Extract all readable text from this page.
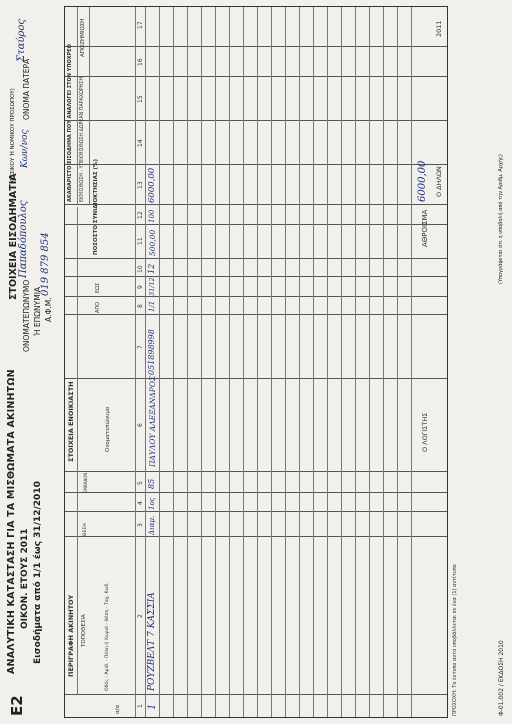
Ε2
ΑΝΑΛΥΤΙΚΗ ΚΑΤΑΣΤΑΣΗ ΓΙΑ ΤΑ ΜΙΣΘΩΜΑΤΑ ΑΚΙΝΗΤΩΝ ΟΙΚΟΝ. ΕΤΟΥΣ 2011 Εισοδήματα από 1/1 έως 31/12/2010
ΣΤΟΙΧΕΙΑ ΕΙΣΟΔΗΜΑΤΙΑ
(ΦΥΣΙΚΟΥ Ή ΝΟΜΙΚΟΥ ΠΡΟΣΩΠΟΥ)
ΟΝΟΜΑΤΕΠΩΝΥΜΟ
Παπαδόπουλος
Κων/νος
ΟΝΟΜΑ ΠΑΤΕΡΑ
Σταύρος
Ή ΕΠΩΝΥΜΙΑ Α.Φ.Μ.
019 879 854
ΠΕΡΙΓΡΑΦΗ ΑΚΙΝΗΤΟΥ ΤΟΠΟΘΕΣΙΑ
ΣΤΟΙΧΕΙΑ ΕΝΟΙΚΙΑΣΤΗ
ΠΟΣΟΣΤΟ ΣΥΝΙΔΙΟΚΤΗΣΙΑΣ (%)
ΑΚΑΘΑΡΙΣΤΟ ΕΙΣΟΔΗΜΑ ΠΟΥ ΑΝΑΛΟΓΕΙ ΣΤΟΝ ΥΠΟΧΡΕΟ ΕΚΜΙΣΘΩΣΗ - ΥΠΕΚΜΙΣΘΩΣΗ ΔΩΡΕΑΝ ΠΑΡΑΧΩΡΗΣΗ
ΑΠΟΖΗΜΙΩΣΗ
α/α
Οδός - Αριθ. - Πόλη ή Χωριό - Θέση - Ταχ. Κωδ.
ΘΕΣΗ
ΕΜΒΑΔΟΝ
Ονοματεπώνυμο
ΑΠΟ
ΕΩΣ
1
2
3
4
5
6
7
8
9
10
11
12
13
14
15
16
17
1
ΡΟΥΖΒΕΛΤ 7 ΚΑΣΣΙΑ
Διαμ.
1ος
85
ΠΑΥΛΟΥ ΑΛΕΞΑΝΔΡΟΣ
051898998
1/1
31/12
12
500,00
100
6000,00
ΑΘΡΟΙΣΜΑ
6000,00
Ο ΛΟΓΙΣΤΗΣ
Ο ΔΗΛΩΝ
2011
ΠΡΟΣΟΧΗ: Το έντυπο αυτό υποβάλλεται σε ένα (1) αντίτυπο	Φ-01.002 / ΕΚΔΟΣΗ 2010
(Υπογράφεται ότι η υποβολή από την Αριθμ. Αρχής)
